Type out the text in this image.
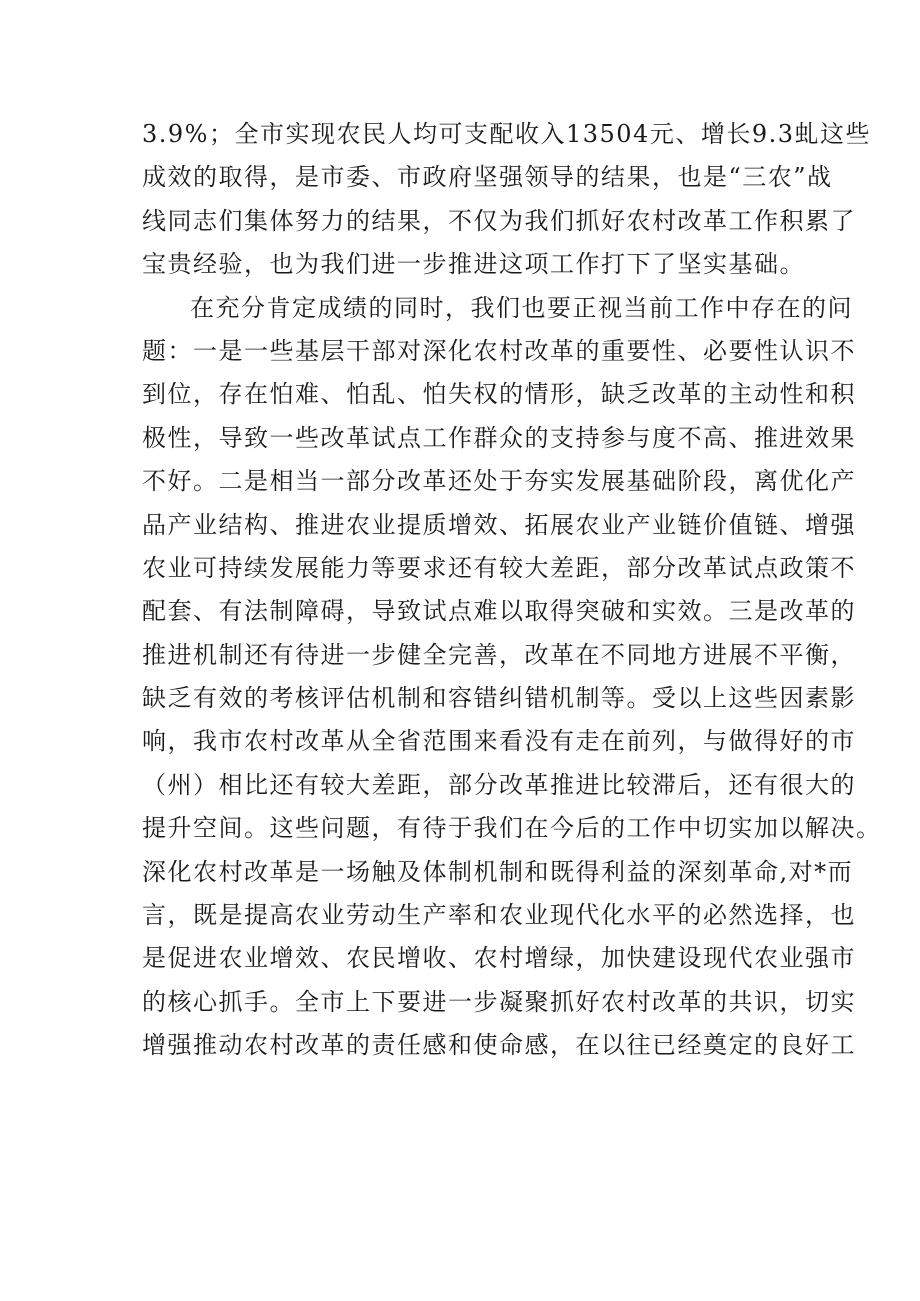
3.9%；全市实现农民人均可支配收入13504元、增长9.3虬这些
成效的取得，是市委、市政府坚强领导的结果，也是“三农”战
线同志们集体努力的结果，不仅为我们抓好农村改革工作积累了
宝贵经验，也为我们进一步推进这项工作打下了坚实基础。
在充分肯定成绩的同时，我们也要正视当前工作中存在的问
题：一是一些基层干部对深化农村改革的重要性、必要性认识不
到位，存在怕难、怕乱、怕失权的情形，缺乏改革的主动性和积
极性，导致一些改革试点工作群众的支持参与度不高、推进效果
不好。二是相当一部分改革还处于夯实发展基础阶段，离优化产
品产业结构、推进农业提质增效、拓展农业产业链价值链、增强
农业可持续发展能力等要求还有较大差距，部分改革试点政策不
配套、有法制障碍，导致试点难以取得突破和实效。三是改革的
推进机制还有待进一步健全完善，改革在不同地方进展不平衡，
缺乏有效的考核评估机制和容错纠错机制等。受以上这些因素影
响，我市农村改革从全省范围来看没有走在前列，与做得好的市
（州）相比还有较大差距，部分改革推进比较滞后，还有很大的
提升空间。这些问题，有待于我们在今后的工作中切实加以解决。
深化农村改革是一场触及体制机制和既得利益的深刻革命,对*而
言，既是提高农业劳动生产率和农业现代化水平的必然选择，也
是促进农业增效、农民增收、农村增绿，加快建设现代农业强市
的核心抓手。全市上下要进一步凝聚抓好农村改革的共识，切实
增强推动农村改革的责任感和使命感，在以往已经奠定的良好工
